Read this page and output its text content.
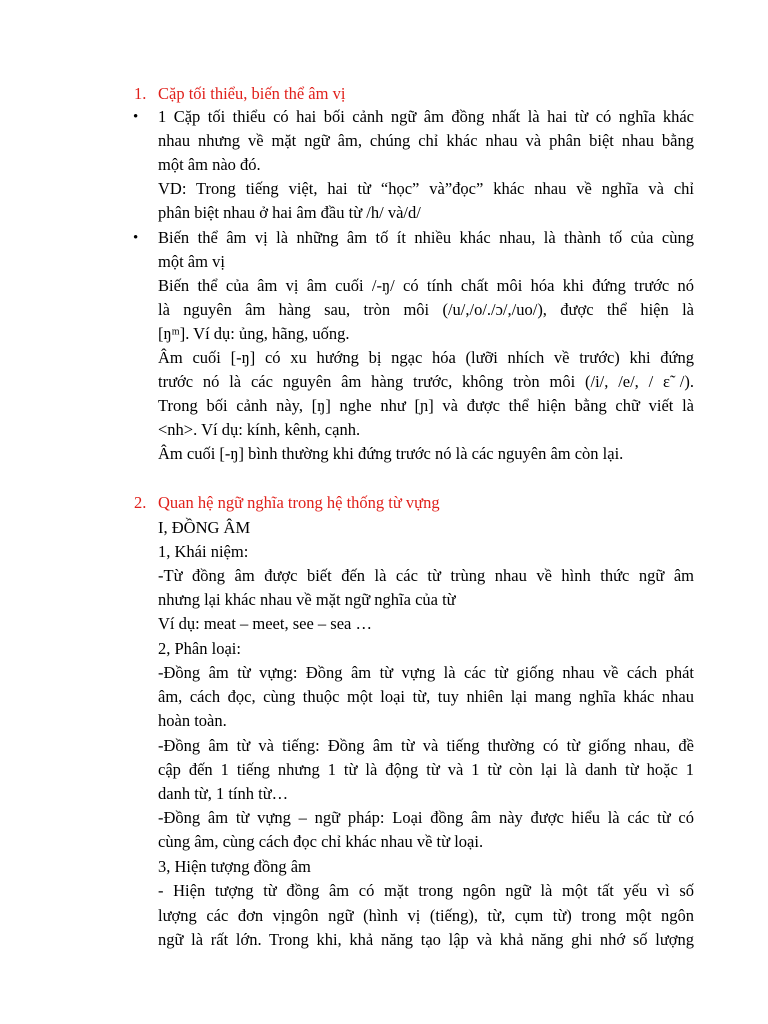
1. Cặp tối thiểu, biến thể âm vị
• 1 Cặp tối thiểu có hai bối cảnh ngữ âm đồng nhất là hai từ có nghĩa khác
nhau nhưng về mặt ngữ âm, chúng chỉ khác nhau và phân biệt nhau bằng
một âm nào đó.
VD: Trong tiếng việt, hai từ “học” và”đọc” khác nhau về nghĩa và chỉ
phân biệt nhau ở hai âm đầu từ /h/ và/d/
• Biến thể âm vị là những âm tố ít nhiều khác nhau, là thành tố của cùng
một âm vị
Biến thể của âm vị âm cuối /-ŋ/ có tính chất môi hóa khi đứng trước nó
là nguyên âm hàng sau, tròn môi (/u/,/o/./ɔ/,/uo/), được thể hiện là
[ŋᵐ]. Ví dụ: ủng, hãng, uống.
Âm cuối [-ŋ] có xu hướng bị ngạc hóa (lưỡi nhích về trước) khi đứng
trước nó là các nguyên âm hàng trước, không tròn môi (/i/, /e/, / ɛ̃ /).
Trong bối cảnh này, [ŋ] nghe như [ɲ] và được thể hiện bằng chữ viết là
<nh>. Ví dụ: kính, kênh, cạnh.
Âm cuối [-ŋ] bình thường khi đứng trước nó là các nguyên âm còn lại.
2. Quan hệ ngữ nghĩa trong hệ thống từ vựng
I, ĐỒNG ÂM
1, Khái niệm:
-Từ đồng âm được biết đến là các từ trùng nhau về hình thức ngữ âm
nhưng lại khác nhau về mặt ngữ nghĩa của từ
Ví dụ: meat – meet, see – sea …
2, Phân loại:
-Đồng âm từ vựng: Đồng âm từ vựng là các từ giống nhau về cách phát
âm, cách đọc, cùng thuộc một loại từ, tuy nhiên lại mang nghĩa khác nhau
hoàn toàn.
-Đồng âm từ và tiếng: Đồng âm từ và tiếng thường có từ giống nhau, đề
cập đến 1 tiếng nhưng 1 từ là động từ và 1 từ còn lại là danh từ hoặc 1
danh từ, 1 tính từ…
-Đồng âm từ vựng – ngữ pháp: Loại đồng âm này được hiểu là các từ có
cùng âm, cùng cách đọc chỉ khác nhau về từ loại.
3, Hiện tượng đồng âm
- Hiện tượng từ đồng âm có mặt trong ngôn ngữ là một tất yếu vì số
lượng các đơn vịngôn ngữ (hình vị (tiếng), từ, cụm từ) trong một ngôn
ngữ là rất lớn. Trong khi, khả năng tạo lập và khả năng ghi nhớ số lượng
